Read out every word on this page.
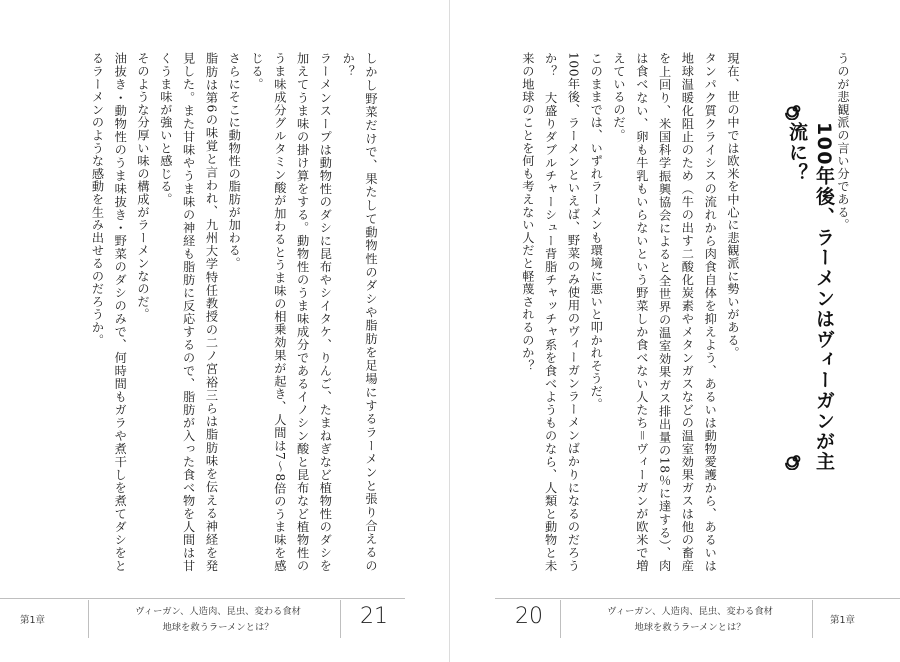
しかし野菜だけで、果たして動物性のダシや脂肪を足場にするラーメンと張り合えるのか？

ラーメンスープは動物性のダシに昆布やシイタケ、りんご、たまねぎなど植物性のダシを加えてうま味の掛け算をする。動物性のうま味成分であるイノシン酸と昆布など植物性のうま味成分グルタミン酸が加わるとうま味の相乗効果が起き、人間は7〜8倍のうま味を感じる。

さらにそこに動物性の脂肪が加わる。

脂肪は第6の味覚と言われ、九州大学特任教授の二ノ宮裕三らは脂肪味を伝える神経を発見した。また甘味やうま味の神経も脂肪に反応するので、脂肪が入った食べ物を人間は甘くうま味が強いと感じる。

そのような分厚い味の構成がラーメンなのだ。

油抜き・動物性のうま味抜き・野菜のダシのみで、何時間もガラや煮干しを煮てダシをとるラーメンのような感動を生み出せるのだろうか。

第1章
ヴィーガン、人造肉、昆虫、変わる食材
地球を救うラーメンとは？	21

うのが悲観派の言い分である。

100年後、ラーメンはヴィーガンが主流に？

現在、世の中では欧米を中心に悲観派に勢いがある。

タンパク質クライシスの流れから肉食自体を抑えよう、あるいは動物愛護から、あるいは地球温暖化阻止のため（牛の出す二酸化炭素やメタンガスなどの温室効果ガスは他の畜産を上回り、米国科学振興協会によると全世界の温室効果ガス排出量の18％に達する）、肉は食べない、卵も牛乳もいらないという野菜しか食べない人たち＝ヴィーガンが欧米で増えているのだ。

このままでは、いずれラーメンも環境に悪いと叩かれそうだ。

100年後、ラーメンといえば、野菜のみ使用のヴィーガンラーメンばかりになるのだろうか？　大盛りダブルチャーシュー背脂チャッチャ系を食べようものなら、人類と動物と未来の地球のことを何も考えない人だと軽蔑されるのか？

20	ヴィーガン、人造肉、昆虫、変わる食材
地球を救うラーメンとは？
第1章
